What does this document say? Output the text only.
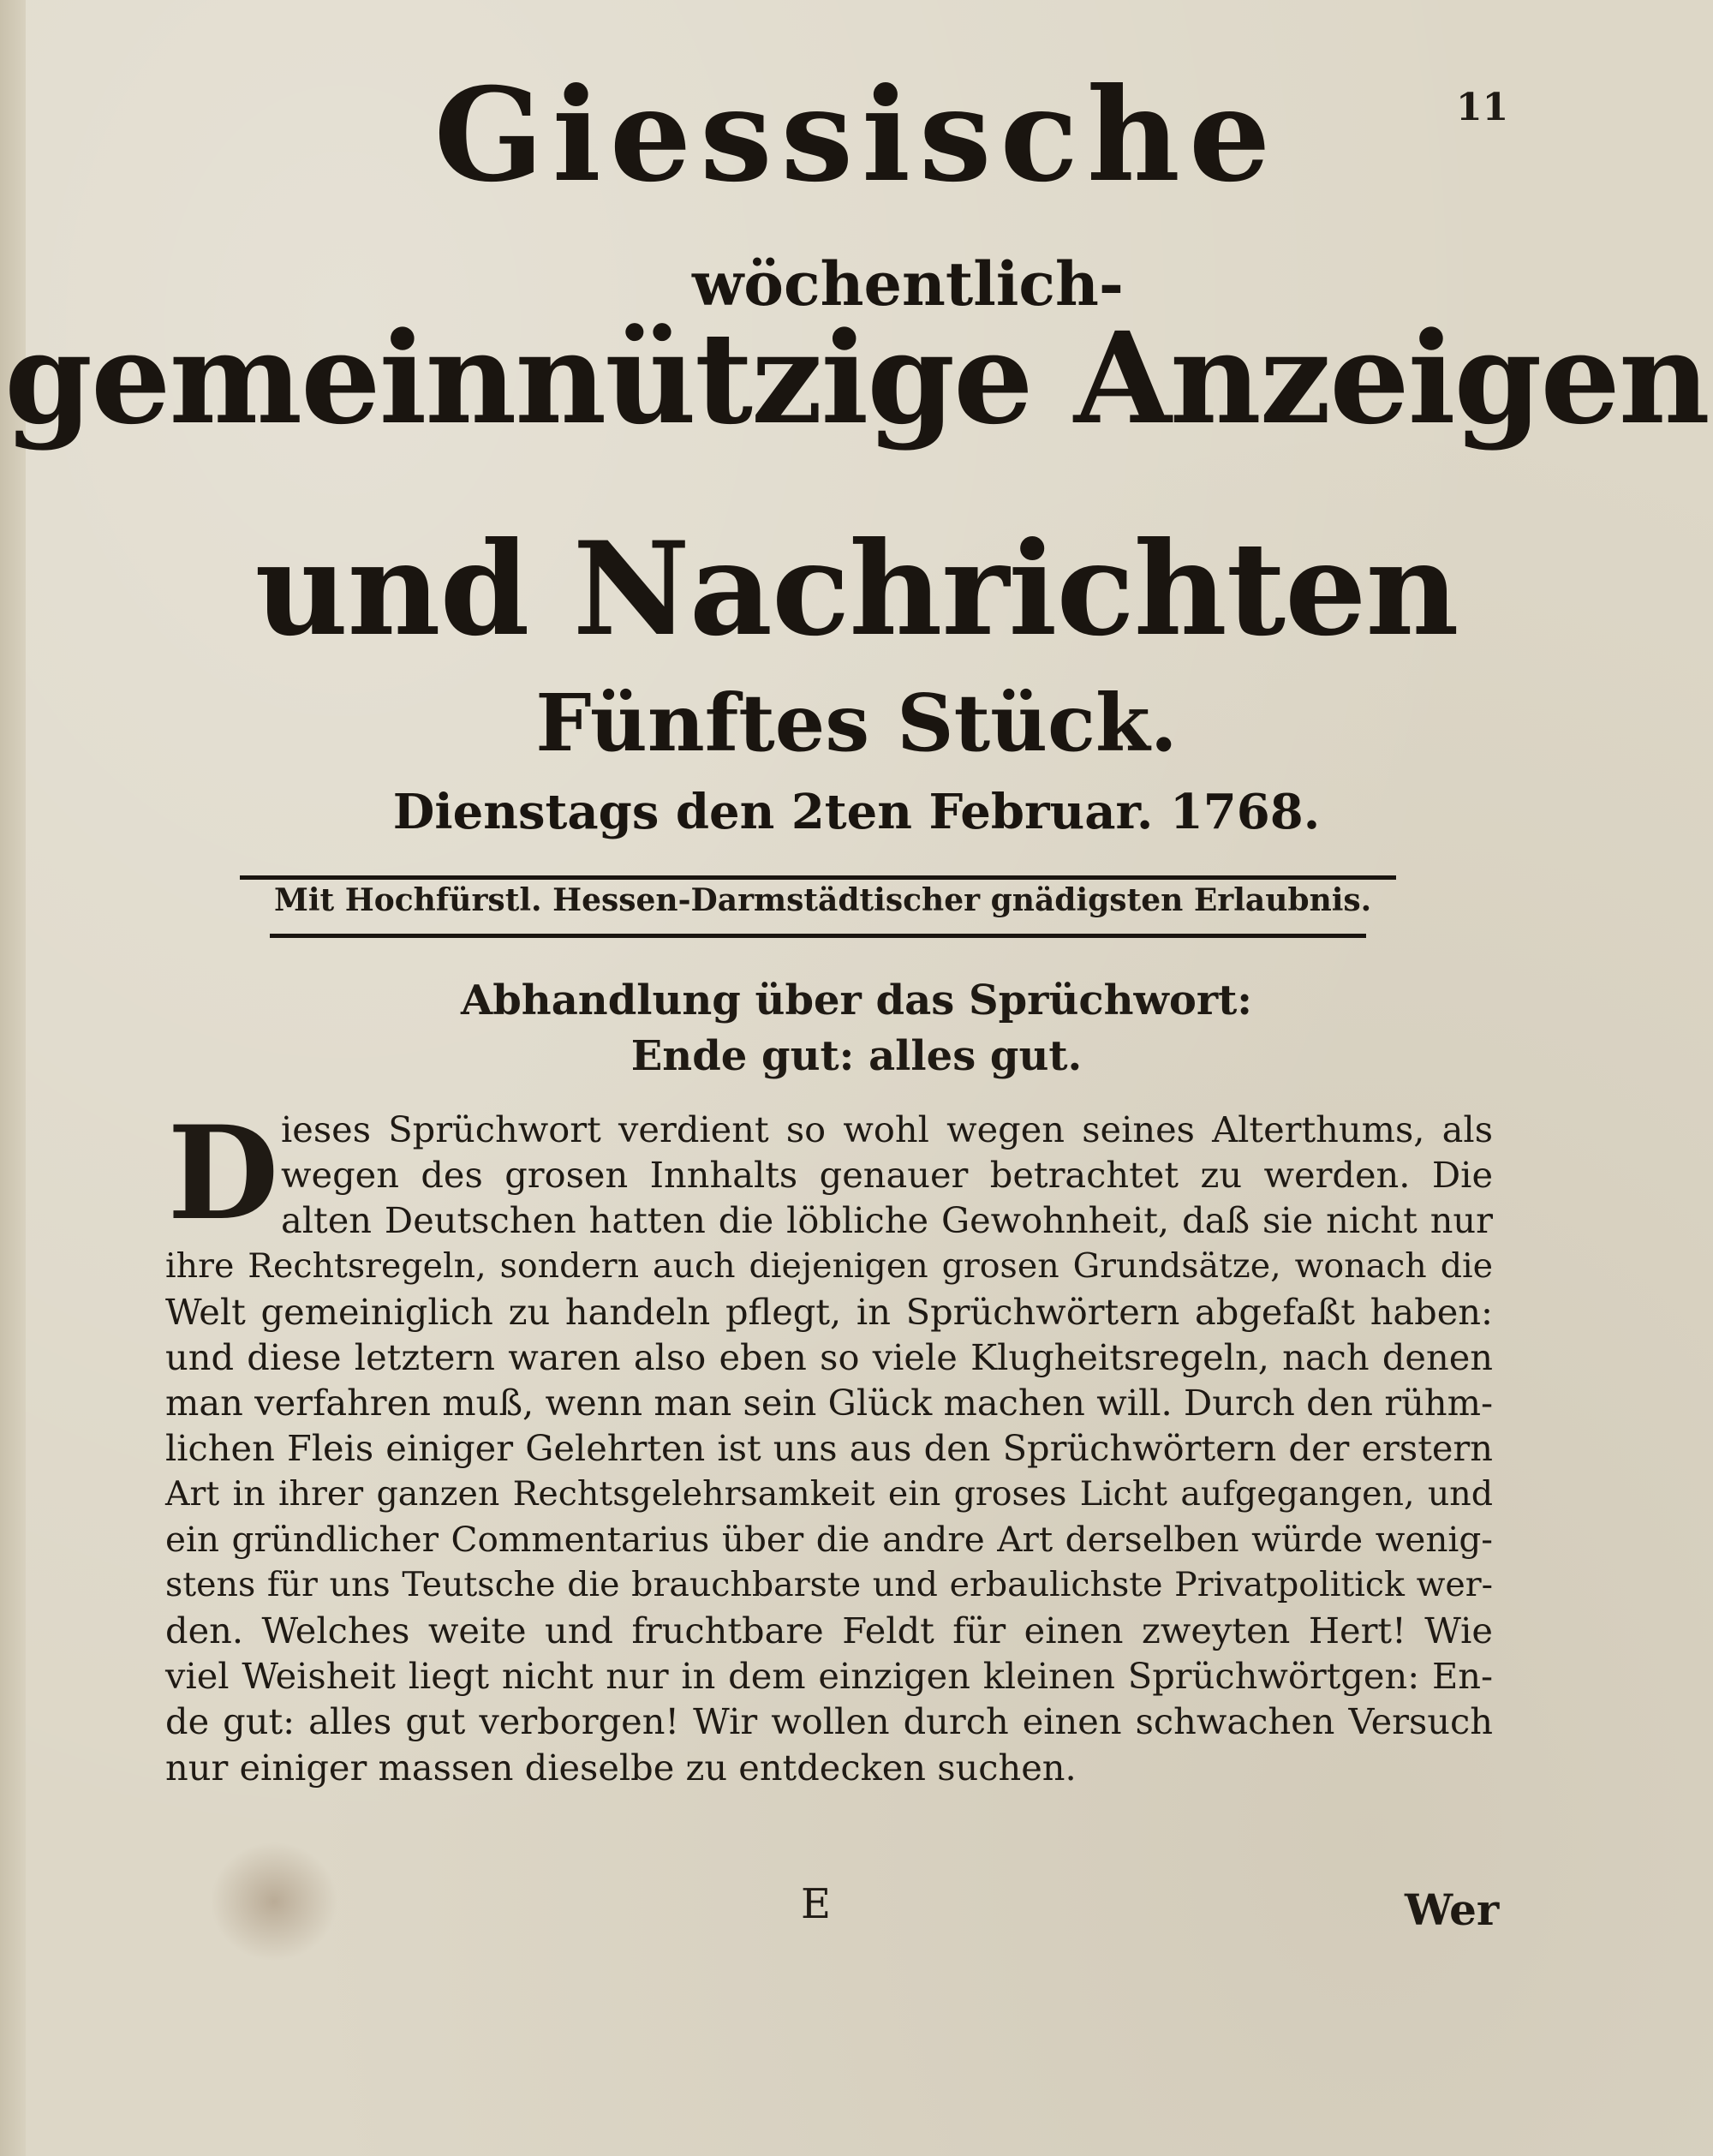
11
Giessische
wöchentlich-
gemeinnützige Anzeigen
und Nachrichten
Fünftes Stück.
Dienstags den 2ten Februar. 1768.
Mit Hochfürstl. Hessen-Darmstädtischer gnädigsten Erlaubnis.
Abhandlung über das Sprüchwort:
Ende gut: alles gut.
D ieses Sprüchwort verdient so wohl wegen seines Alterthums, als
wegen des grosen Innhalts genauer betrachtet zu werden. Die
alten Deutschen hatten die löbliche Gewohnheit, daß sie nicht nur
ihre Rechtsregeln, sondern auch diejenigen grosen Grundsätze, wonach die
Welt gemeiniglich zu handeln pflegt, in Sprüchwörtern abgefaßt haben:
und diese letztern waren also eben so viele Klugheitsregeln, nach denen
man verfahren muß, wenn man sein Glück machen will. Durch den rühm-
lichen Fleis einiger Gelehrten ist uns aus den Sprüchwörtern der erstern
Art in ihrer ganzen Rechtsgelehrsamkeit ein groses Licht aufgegangen, und
ein gründlicher Commentarius über die andre Art derselben würde wenig-
stens für uns Teutsche die brauchbarste und erbaulichste Privatpolitick wer-
den. Welches weite und fruchtbare Feldt für einen zweyten Hert! Wie
viel Weisheit liegt nicht nur in dem einzigen kleinen Sprüchwörtgen: En-
de gut: alles gut verborgen! Wir wollen durch einen schwachen Versuch
nur einiger massen dieselbe zu entdecken suchen.
E	Wer
